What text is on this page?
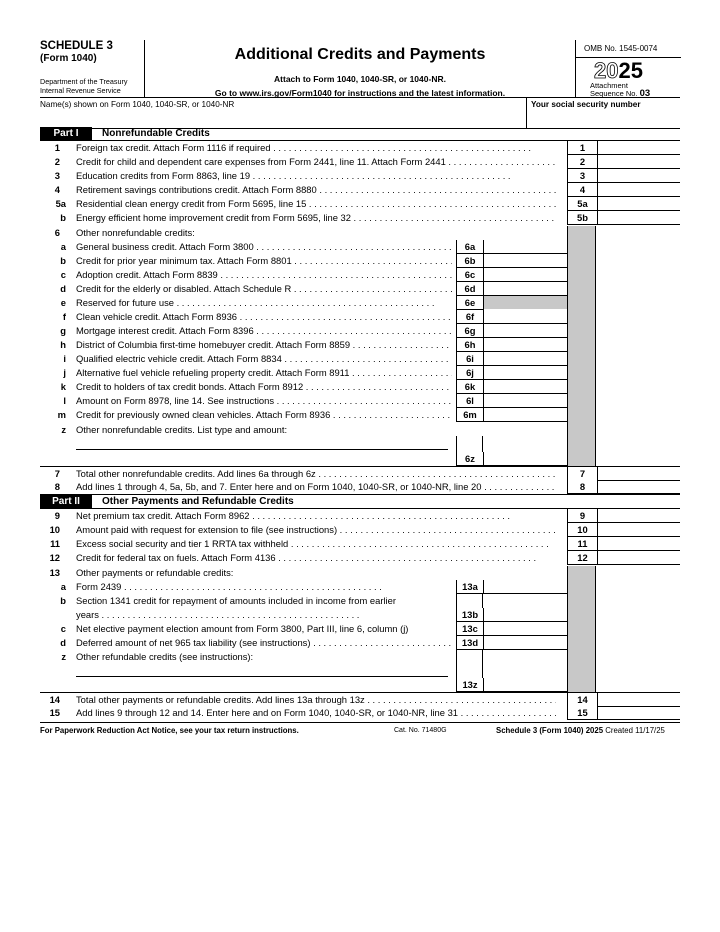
SCHEDULE 3
(Form 1040)
Department of the Treasury
Internal Revenue Service
Additional Credits and Payments
Attach to Form 1040, 1040-SR, or 1040-NR.
Go to www.irs.gov/Form1040 for instructions and the latest information.
OMB No. 1545-0074
2025
Attachment
Sequence No. 03
Name(s) shown on Form 1040, 1040-SR, or 1040-NR	Your social security number
Part I	Nonrefundable Credits
1 Foreign tax credit. Attach Form 1116 if required . . .	1
2 Credit for child and dependent care expenses from Form 2441, line 11. Attach Form 2441 . . .	2
3 Education credits from Form 8863, line 19 . . .	3
4 Retirement savings contributions credit. Attach Form 8880 . . .	4
5a Residential clean energy credit from Form 5695, line 15 . . .	5a
b Energy efficient home improvement credit from Form 5695, line 32 . . .	5b
6 Other nonrefundable credits:
a General business credit. Attach Form 3800 . . .	6a
b Credit for prior year minimum tax. Attach Form 8801 . . .	6b
c Adoption credit. Attach Form 8839 . . .	6c
d Credit for the elderly or disabled. Attach Schedule R . . .	6d
e Reserved for future use . . .	6e
f Clean vehicle credit. Attach Form 8936 . . .	6f
g Mortgage interest credit. Attach Form 8396 . . .	6g
h District of Columbia first-time homebuyer credit. Attach Form 8859 . . .	6h
i Qualified electric vehicle credit. Attach Form 8834 . . .	6i
j Alternative fuel vehicle refueling property credit. Attach Form 8911 . . .	6j
k Credit to holders of tax credit bonds. Attach Form 8912 . . .	6k
l Amount on Form 8978, line 14. See instructions . . .	6l
m Credit for previously owned clean vehicles. Attach Form 8936 . . .	6m
z Other nonrefundable credits. List type and amount:
6z
7 Total other nonrefundable credits. Add lines 6a through 6z . . .	7
8 Add lines 1 through 4, 5a, 5b, and 7. Enter here and on Form 1040, 1040-SR, or 1040-NR, line 20 . . .	8
Part II	Other Payments and Refundable Credits
9 Net premium tax credit. Attach Form 8962 . . .	9
10 Amount paid with request for extension to file (see instructions) . . .	10
11 Excess social security and tier 1 RRTA tax withheld . . .	11
12 Credit for federal tax on fuels. Attach Form 4136 . . .	12
13 Other payments or refundable credits:
a Form 2439 . . .	13a
b Section 1341 credit for repayment of amounts included in income from earlier
years . . .	13b
c Net elective payment election amount from Form 3800, Part III, line 6, column (j)	13c
d Deferred amount of net 965 tax liability (see instructions) . . .	13d
z Other refundable credits (see instructions):
13z
14 Total other payments or refundable credits. Add lines 13a through 13z . . .	14
15 Add lines 9 through 12 and 14. Enter here and on Form 1040, 1040-SR, or 1040-NR, line 31 . . .	15
For Paperwork Reduction Act Notice, see your tax return instructions.	Cat. No. 71480G	Schedule 3 (Form 1040) 2025 Created 11/17/25
